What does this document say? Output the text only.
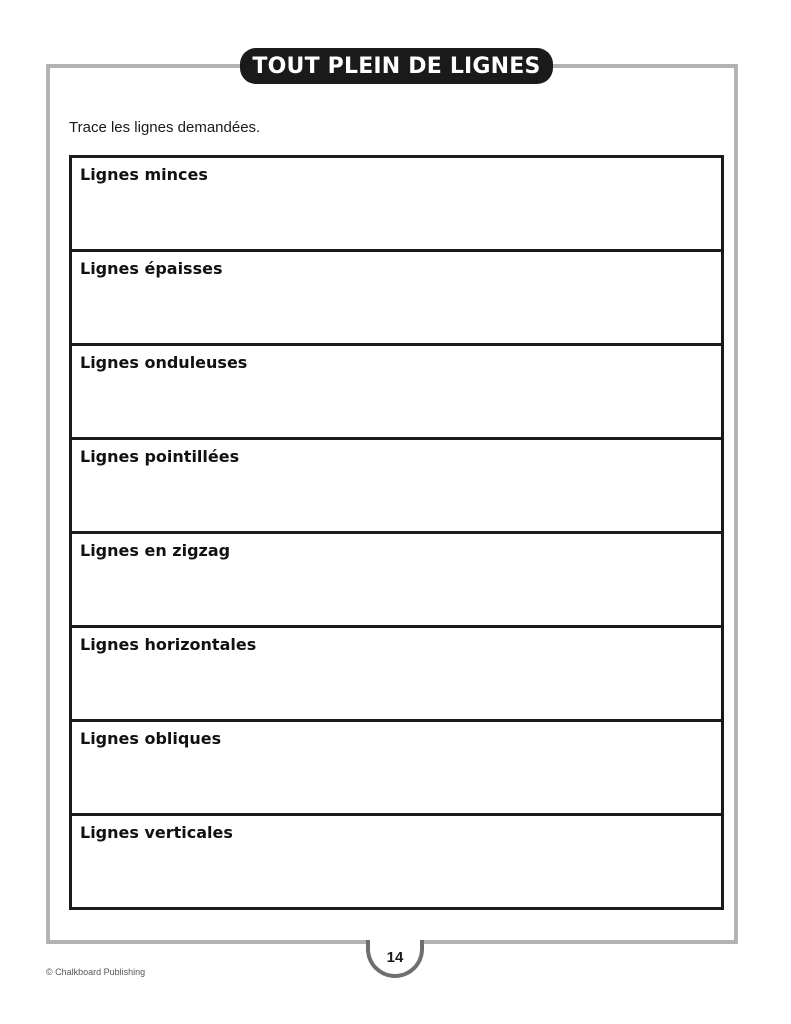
TOUT PLEIN DE LIGNES
Trace les lignes demandées.
Lignes minces
Lignes épaisses
Lignes onduleuses
Lignes pointillées
Lignes en zigzag
Lignes horizontales
Lignes obliques
Lignes verticales
14
© Chalkboard Publishing
